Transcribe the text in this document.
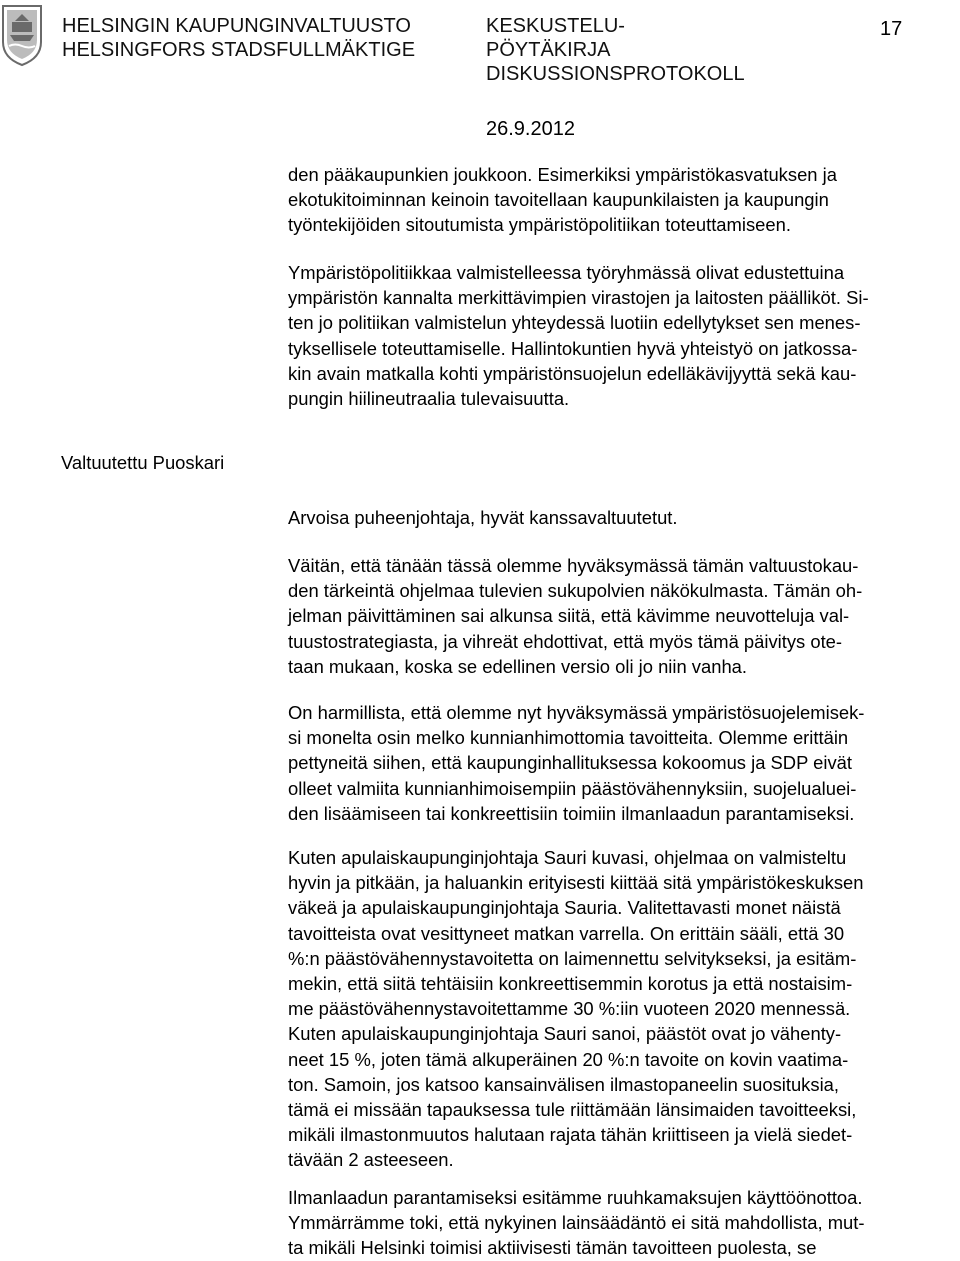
HELSINGIN KAUPUNGINVALTUUSTO
HELSINGFORS STADSFULLMÄKTIGE
KESKUSTELU-
PÖYTÄKIRJA
DISKUSSIONSPROTOKOLL
17
26.9.2012
den pääkaupunkien joukkoon. Esimerkiksi ympäristökasvatuksen ja
ekotukitoiminnan keinoin tavoitellaan kaupunkilaisten ja kaupungin
työntekijöiden sitoutumista ympäristöpolitiikan toteuttamiseen.
Ympäristöpolitiikkaa valmistelleessa työryhmässä olivat edustettuina
ympäristön kannalta merkittävimpien virastojen ja laitosten päälliköt. Si-
ten jo politiikan valmistelun yhteydessä luotiin edellytykset sen menes-
tyksellisele toteuttamiselle. Hallintokuntien hyvä yhteistyö on jatkossa-
kin avain matkalla kohti ympäristönsuojelun edelläkävijyyttä sekä kau-
pungin hiilineutraalia tulevaisuutta.
Valtuutettu Puoskari
Arvoisa puheenjohtaja, hyvät kanssavaltuutetut.
Väitän, että tänään tässä olemme hyväksymässä tämän valtuustokau-
den tärkeintä ohjelmaa tulevien sukupolvien näkökulmasta. Tämän oh-
jelman päivittäminen sai alkunsa siitä, että kävimme neuvotteluja val-
tuustostrategiasta, ja vihreät ehdottivat, että myös tämä päivitys ote-
taan mukaan, koska se edellinen versio oli jo niin vanha.
On harmillista, että olemme nyt hyväksymässä ympäristösuojelemisek-
si monelta osin melko kunnianhimottomia tavoitteita. Olemme erittäin
pettyneitä siihen, että kaupunginhallituksessa kokoomus ja SDP eivät
olleet valmiita kunnianhimoisempiin päästövähennyksiin, suojelualuei-
den lisäämiseen tai konkreettisiin toimiin ilmanlaadun parantamiseksi.
Kuten apulaiskaupunginjohtaja Sauri kuvasi, ohjelmaa on valmisteltu
hyvin ja pitkään, ja haluankin erityisesti kiittää sitä ympäristökeskuksen
väkeä ja apulaiskaupunginjohtaja Sauria. Valitettavasti monet näistä
tavoitteista ovat vesittyneet matkan varrella. On erittäin sääli, että 30
%:n päästövähennystavoitetta on laimennettu selvitykseksi, ja esitäm-
mekin, että siitä tehtäisiin konkreettisemmin korotus ja että nostaisim-
me päästövähennystavoitettamme 30 %:iin vuoteen 2020 mennessä.
Kuten apulaiskaupunginjohtaja Sauri sanoi, päästöt ovat jo vähenty-
neet 15 %, joten tämä alkuperäinen 20 %:n tavoite on kovin vaatima-
ton. Samoin, jos katsoo kansainvälisen ilmastopaneelin suosituksia,
tämä ei missään tapauksessa tule riittämään länsimaiden tavoitteeksi,
mikäli ilmastonmuutos halutaan rajata tähän kriittiseen ja vielä siedet-
tävään 2 asteeseen.
Ilmanlaadun parantamiseksi esitämme ruuhkamaksujen käyttöönottoa.
Ymmärrämme toki, että nykyinen lainsäädäntö ei sitä mahdollista, mut-
ta mikäli Helsinki toimisi aktiivisesti tämän tavoitteen puolesta, se
